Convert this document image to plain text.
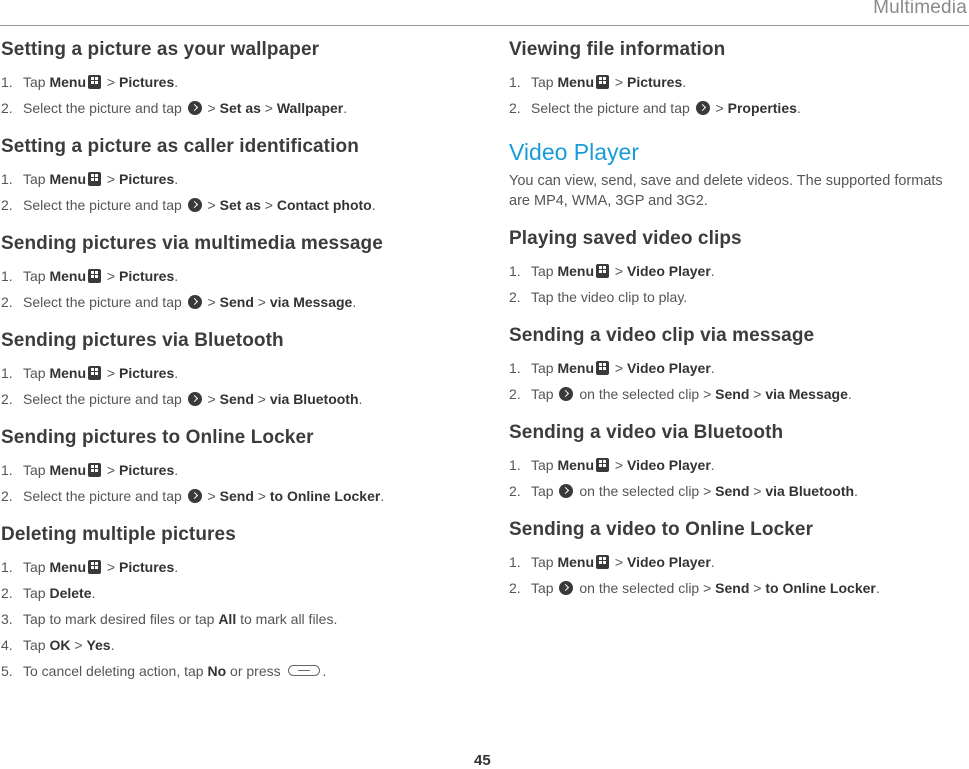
Multimedia
Setting a picture as your wallpaper
1. Tap Menu > Pictures.
2. Select the picture and tap  > Set as > Wallpaper.
Setting a picture as caller identification
1. Tap Menu > Pictures.
2. Select the picture and tap  > Set as > Contact photo.
Sending pictures via multimedia message
1. Tap Menu > Pictures.
2. Select the picture and tap  > Send > via Message.
Sending pictures via Bluetooth
1. Tap Menu > Pictures.
2. Select the picture and tap  > Send > via Bluetooth.
Sending pictures to Online Locker
1. Tap Menu > Pictures.
2. Select the picture and tap  > Send > to Online Locker.
Deleting multiple pictures
1. Tap Menu > Pictures.
2. Tap Delete.
3. Tap to mark desired files or tap All to mark all files.
4. Tap OK > Yes.
5. To cancel deleting action, tap No or press	.
Viewing file information
1. Tap Menu > Pictures.
2. Select the picture and tap  > Properties.
Video Player

You can view, send, save and delete videos. The supported formats are MP4, WMA, 3GP and 3G2.

Playing saved video clips
1. Tap Menu > Video Player.
2. Tap the video clip to play.
Sending a video clip via message
1. Tap Menu > Video Player.
2. Tap  on the selected clip > Send > via Message.
Sending a video via Bluetooth
1. Tap Menu > Video Player.
2. Tap  on the selected clip > Send > via Bluetooth.
Sending a video to Online Locker
1. Tap Menu > Video Player.
2. Tap  on the selected clip > Send > to Online Locker.
45
